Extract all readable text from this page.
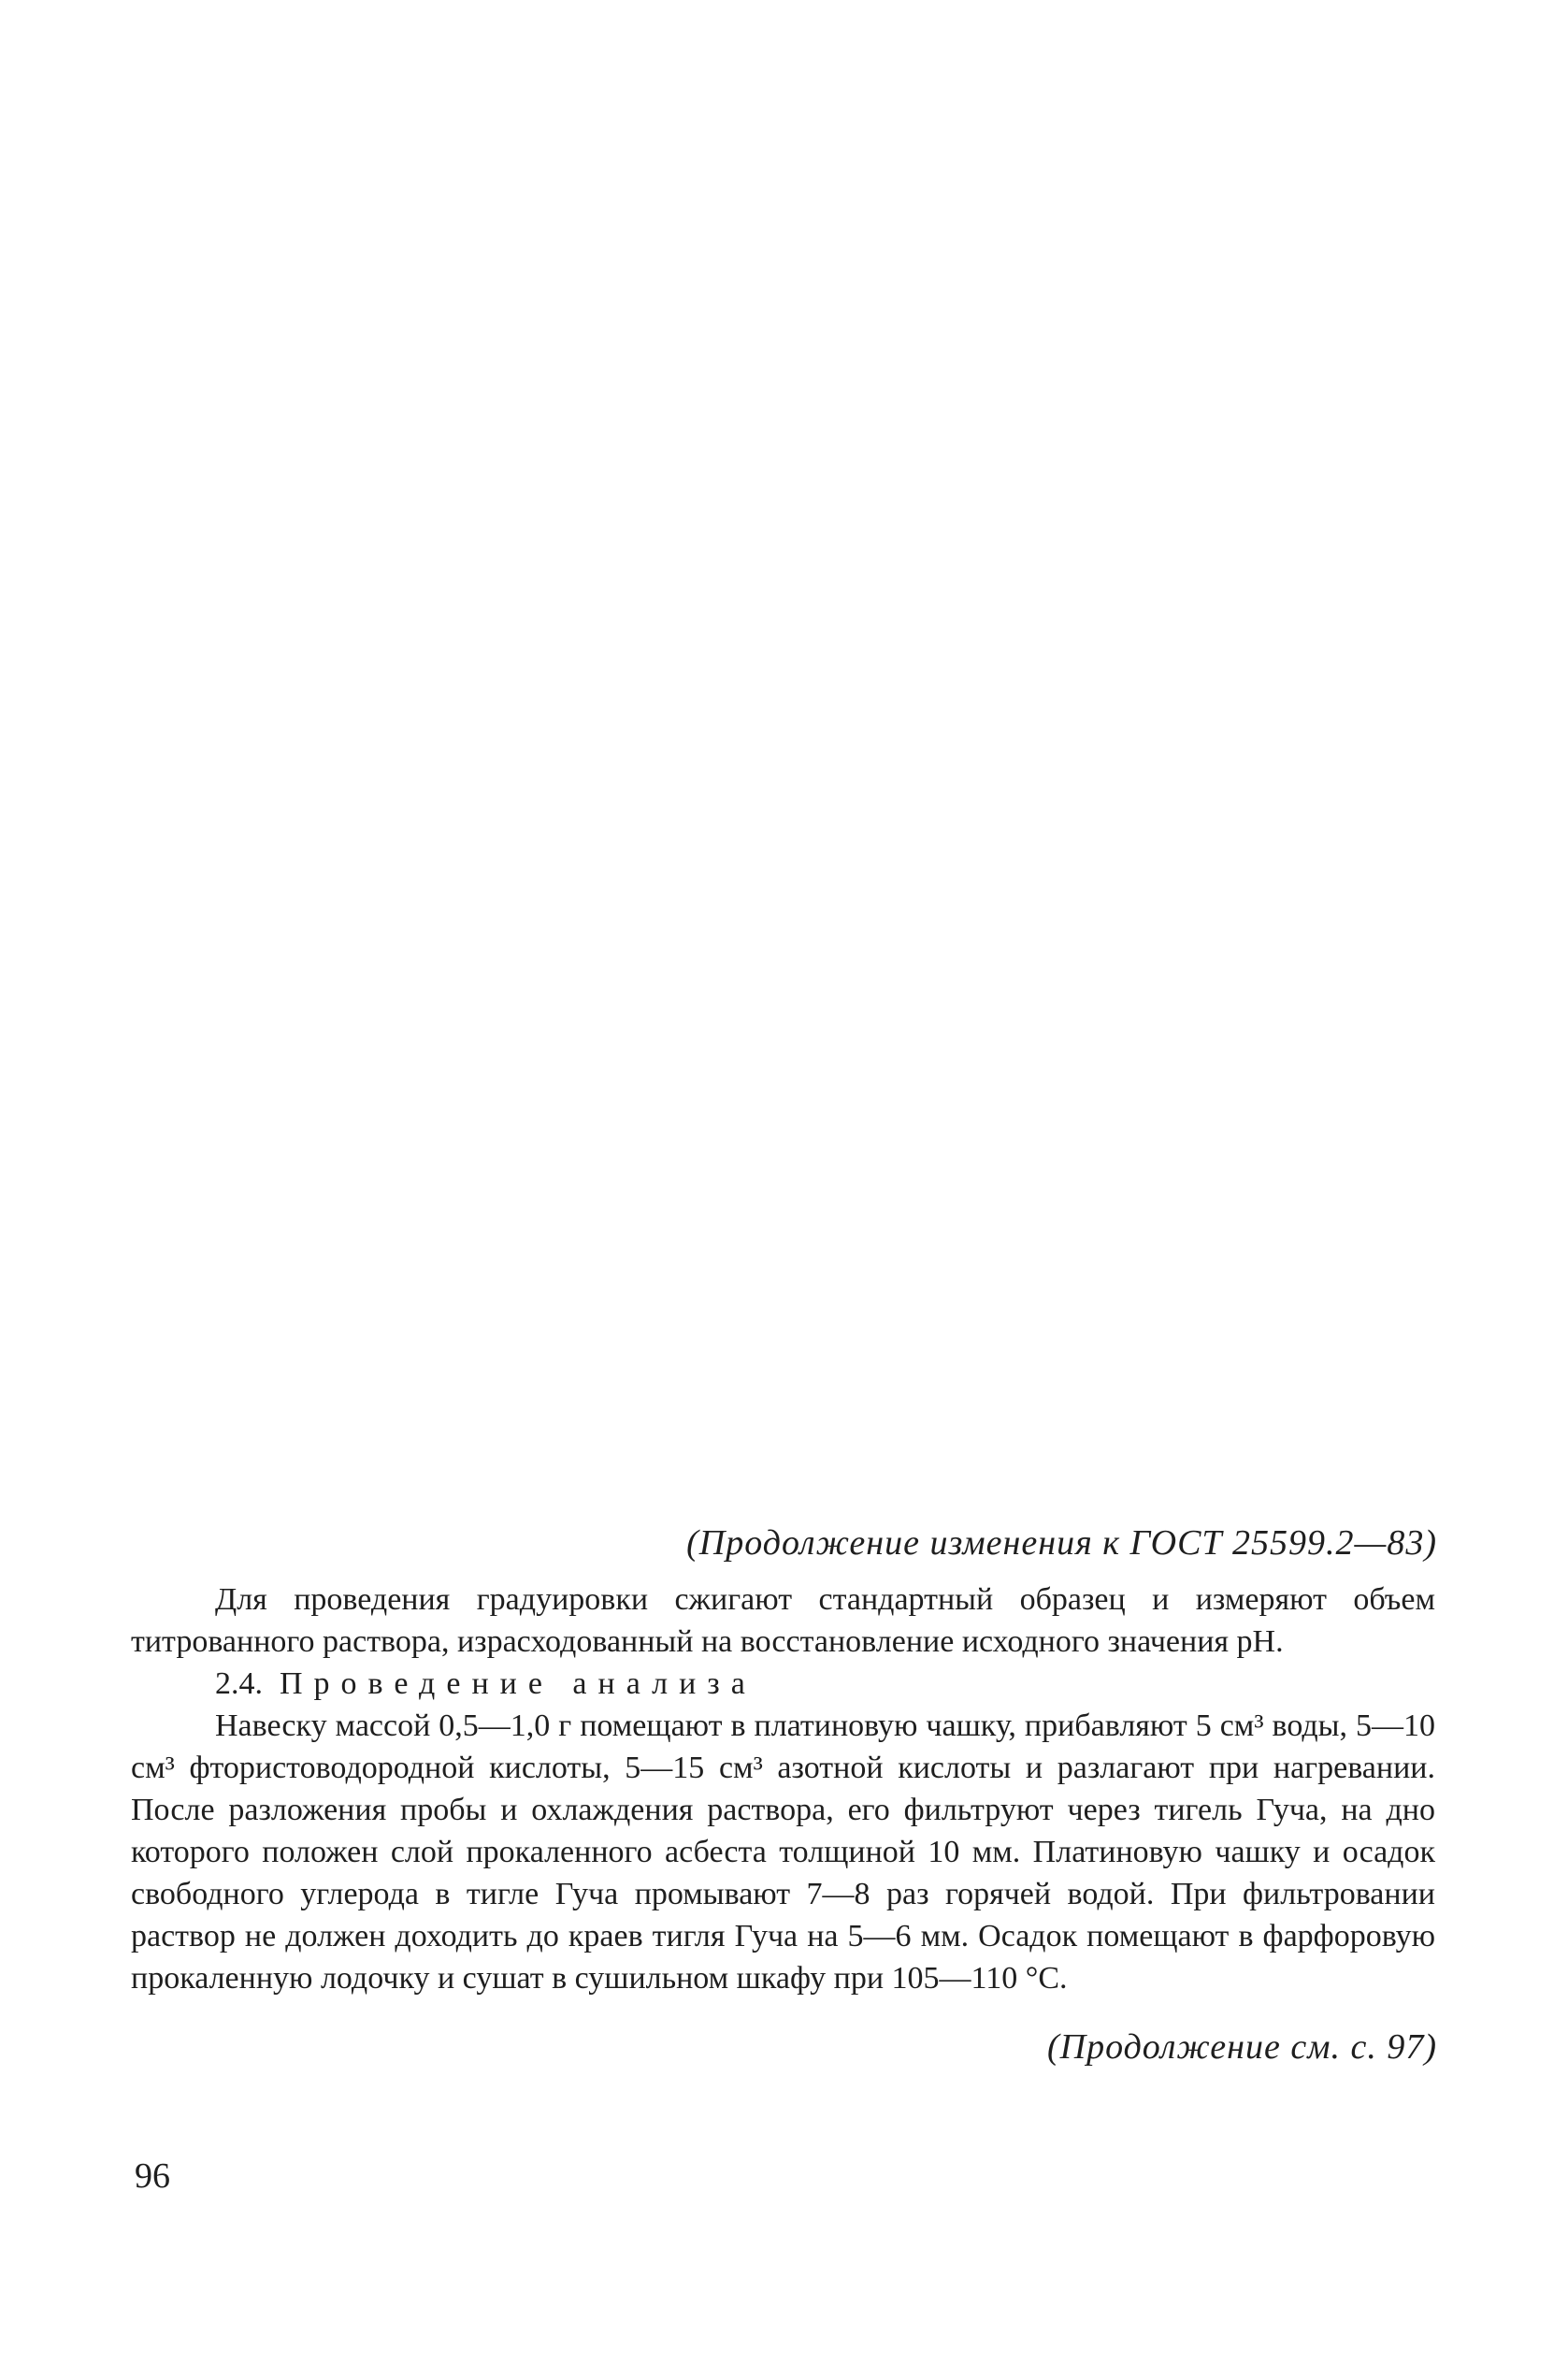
(Продолжение изменения к ГОСТ 25599.2—83)

Для проведения градуировки сжигают стандартный образец и измеряют объем титрованного раствора, израсходованный на восстановление исходного значения pH.

2.4. Проведение анализа

Навеску массой 0,5—1,0 г помещают в платиновую чашку, прибавляют 5 см³ воды, 5—10 см³ фтористоводородной кислоты, 5—15 см³ азотной кислоты и разлагают при нагревании. После разложения пробы и охлаждения раствора, его фильтруют через тигель Гуча, на дно которого положен слой прокаленного асбеста толщиной 10 мм. Платиновую чашку и осадок свободного углерода в тигле Гуча промывают 7—8 раз горячей водой. При фильтровании раствор не должен доходить до краев тигля Гуча на 5—6 мм. Осадок помещают в фарфоровую прокаленную лодочку и сушат в сушильном шкафу при 105—110 °С.

(Продолжение см. с. 97)
96
